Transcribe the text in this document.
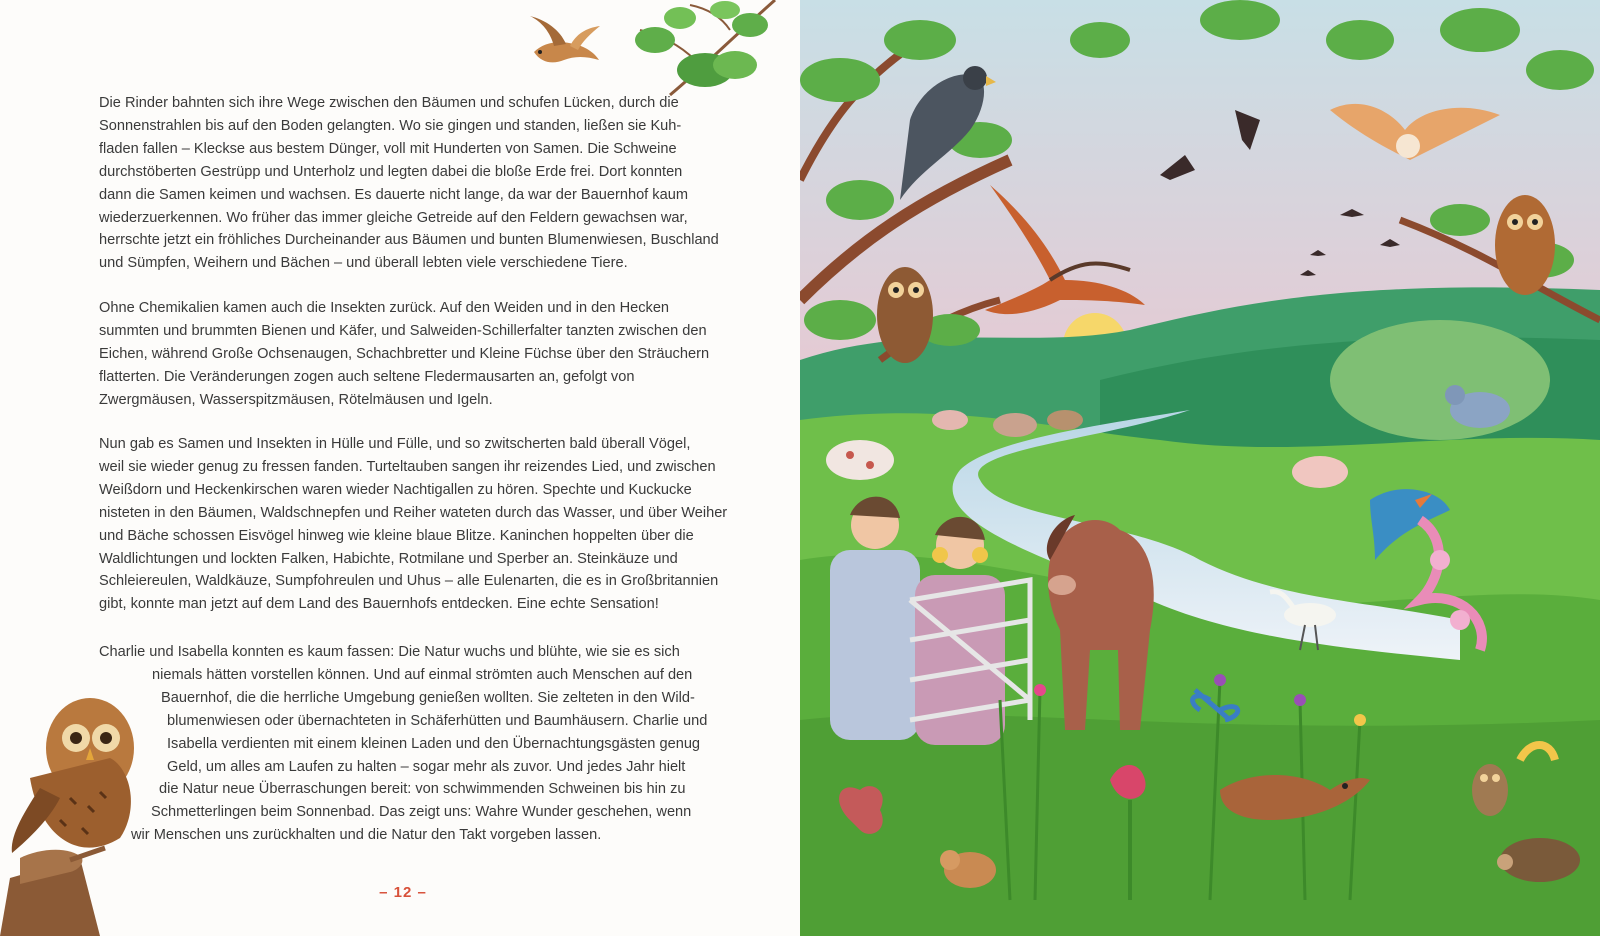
Die Rinder bahnten sich ihre Wege zwischen den Bäumen und schufen Lücken, durch die
Sonnenstrahlen bis auf den Boden gelangten. Wo sie gingen und standen, ließen sie Kuh-
fladen fallen – Kleckse aus bestem Dünger, voll mit Hunderten von Samen. Die Schweine
durchstöberten Gestrüpp und Unterholz und legten dabei die bloße Erde frei. Dort konnten
dann die Samen keimen und wachsen. Es dauerte nicht lange, da war der Bauernhof kaum
wiederzuerkennen. Wo früher das immer gleiche Getreide auf den Feldern gewachsen war,
herrschte jetzt ein fröhliches Durcheinander aus Bäumen und bunten Blumenwiesen, Buschland
und Sümpfen, Weihern und Bächen – und überall lebten viele verschiedene Tiere.
Ohne Chemikalien kamen auch die Insekten zurück. Auf den Weiden und in den Hecken
summten und brummten Bienen und Käfer, und Salweiden-Schillerfalter tanzten zwischen den
Eichen, während Große Ochsenaugen, Schachbretter und Kleine Füchse über den Sträuchern
flatterten. Die Veränderungen zogen auch seltene Fledermausarten an, gefolgt von
Zwergmäusen, Wasserspitzmäusen, Rötelmäusen und Igeln.
Nun gab es Samen und Insekten in Hülle und Fülle, und so zwitscherten bald überall Vögel,
weil sie wieder genug zu fressen fanden. Turteltauben sangen ihr reizendes Lied, und zwischen
Weißdorn und Heckenkirschen waren wieder Nachtigallen zu hören. Spechte und Kuckucke
nisteten in den Bäumen, Waldschnepfen und Reiher wateten durch das Wasser, und über Weiher
und Bäche schossen Eisvögel hinweg wie kleine blaue Blitze. Kaninchen hoppelten über die
Waldlichtungen und lockten Falken, Habichte, Rotmilane und Sperber an. Steinkäuze und
Schleiereulen, Waldkäuze, Sumpfohreulen und Uhus – alle Eulenarten, die es in Großbritannien
gibt, konnte man jetzt auf dem Land des Bauernhofs entdecken. Eine echte Sensation!
Charlie und Isabella konnten es kaum fassen: Die Natur wuchs und blühte, wie sie es sich
niemals hätten vorstellen können. Und auf einmal strömten auch Menschen auf den
Bauernhof, die die herrliche Umgebung genießen wollten. Sie zelteten in den Wild-
blumenwiesen oder übernachteten in Schäferhütten und Baumhäusern. Charlie und
Isabella verdienten mit einem kleinen Laden und den Übernachtungsgästen genug
Geld, um alles am Laufen zu halten – sogar mehr als zuvor. Und jedes Jahr hielt
die Natur neue Überraschungen bereit: von schwimmenden Schweinen bis hin zu
Schmetterlingen beim Sonnenbad. Das zeigt uns: Wahre Wunder geschehen, wenn
wir Menschen uns zurückhalten und die Natur den Takt vorgeben lassen.
– 12 –
